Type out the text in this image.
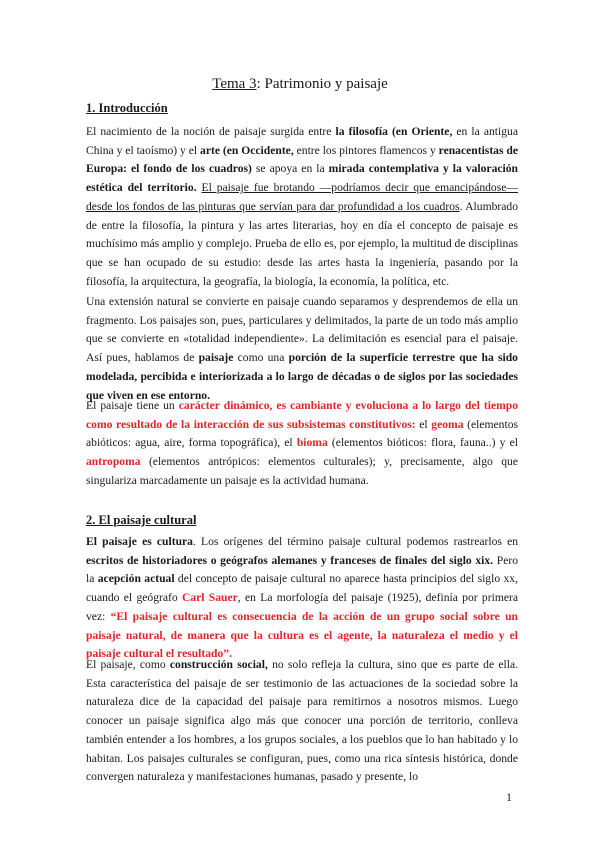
Tema 3: Patrimonio y paisaje
1. Introducción

El nacimiento de la noción de paisaje surgida entre la filosofía (en Oriente, en la antigua China y el taoísmo) y el arte (en Occidente, entre los pintores flamencos y renacentistas de Europa: el fondo de los cuadros) se apoya en la mirada contemplativa y la valoración estética del territorio. El paisaje fue brotando —podríamos decir que emancipándose— desde los fondos de las pinturas que servían para dar profundidad a los cuadros. Alumbrado de entre la filosofía, la pintura y las artes literarias, hoy en día el concepto de paisaje es muchísimo más amplio y complejo. Prueba de ello es, por ejemplo, la multitud de disciplinas que se han ocupado de su estudio: desde las artes hasta la ingeniería, pasando por la filosofía, la arquitectura, la geografía, la biología, la economía, la política, etc.

Una extensión natural se convierte en paisaje cuando separamos y desprendemos de ella un fragmento. Los paisajes son, pues, particulares y delimitados, la parte de un todo más amplio que se convierte en «totalidad independiente». La delimitación es esencial para el paisaje. Así pues, hablamos de paisaje como una porción de la superficie terrestre que ha sido modelada, percibida e interiorizada a lo largo de décadas o de siglos por las sociedades que viven en ese entorno.

El paisaje tiene un carácter dinámico, es cambiante y evoluciona a lo largo del tiempo como resultado de la interacción de sus subsistemas constitutivos: el geoma (elementos abióticos: agua, aire, forma topográfica), el bioma (elementos bióticos: flora, fauna..) y el antropoma (elementos antrópicos: elementos culturales); y, precisamente, algo que singulariza marcadamente un paisaje es la actividad humana.

2. El paisaje cultural

El paisaje es cultura. Los orígenes del término paisaje cultural podemos rastrearlos en escritos de historiadores o geógrafos alemanes y franceses de finales del siglo xix. Pero la acepción actual del concepto de paisaje cultural no aparece hasta principios del siglo xx, cuando el geógrafo Carl Sauer, en La morfología del paisaje (1925), definía por primera vez: “El paisaje cultural es consecuencia de la acción de un grupo social sobre un paisaje natural, de manera que la cultura es el agente, la naturaleza el medio y el paisaje cultural el resultado”.

El paisaje, como construcción social, no solo refleja la cultura, sino que es parte de ella. Esta característica del paisaje de ser testimonio de las actuaciones de la sociedad sobre la naturaleza dice de la capacidad del paisaje para remitirnos a nosotros mismos. Luego conocer un paisaje significa algo más que conocer una porción de territorio, conlleva también entender a los hombres, a los grupos sociales, a los pueblos que lo han habitado y lo habitan. Los paisajes culturales se configuran, pues, como una rica síntesis histórica, donde convergen naturaleza y manifestaciones humanas, pasado y presente, lo

1
